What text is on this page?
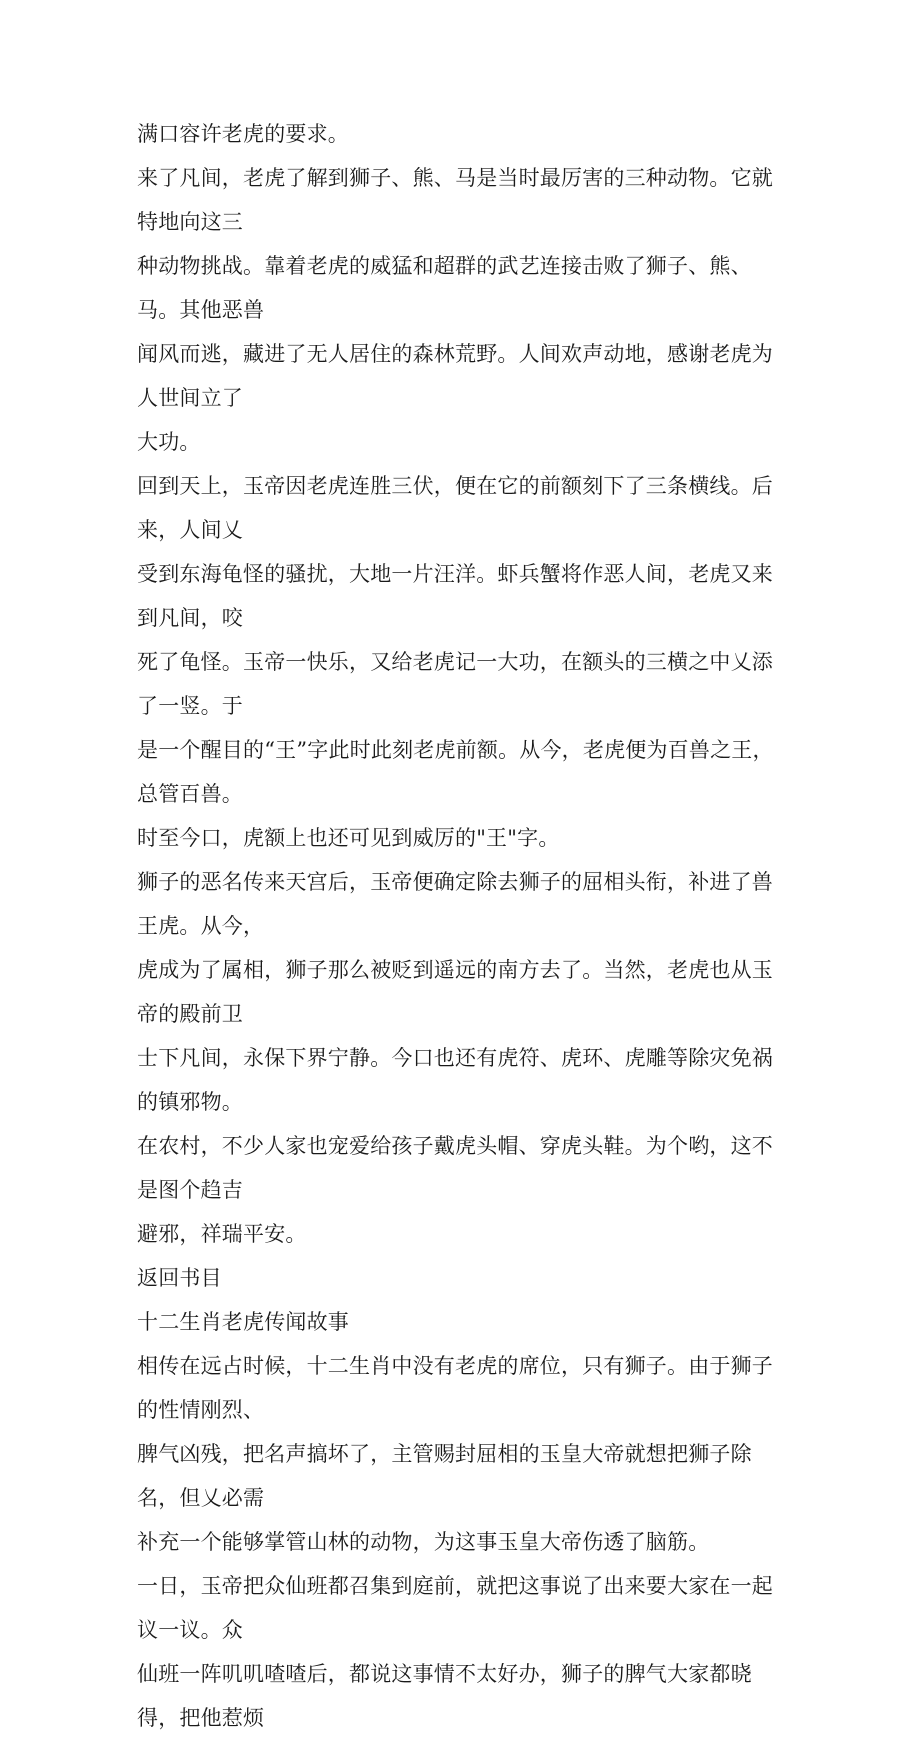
满口容许老虎的要求。

来了凡间，老虎了解到狮子、熊、马是当时最厉害的三种动物。它就特地向这三
种动物挑战。靠着老虎的威猛和超群的武艺连接击败了狮子、熊、马。其他恶兽
闻风而逃，藏进了无人居住的森林荒野。人间欢声动地，感谢老虎为人世间立了
大功。

回到天上，玉帝因老虎连胜三伏，便在它的前额刻下了三条横线。后来，人间乂
受到东海龟怪的骚扰，大地一片汪洋。虾兵蟹将作恶人间，老虎又来到凡间，咬
死了龟怪。玉帝一快乐，又给老虎记一大功，在额头的三横之中乂添了一竖。于
是一个醒目的“王”字此时此刻老虎前额。从今，老虎便为百兽之王，总管百兽。
时至今口，虎额上也还可见到威厉的"王"字。

狮子的恶名传来天宫后，玉帝便确定除去狮子的屈相头衔，补进了兽王虎。从今，
虎成为了属相，狮子那么被贬到遥远的南方去了。当然，老虎也从玉帝的殿前卫
士下凡间，永保下界宁静。今口也还有虎符、虎环、虎雕等除灾免祸的镇邪物。
在农村，不少人家也宠爱给孩子戴虎头帽、穿虎头鞋。为个哟，这不是图个趋吉
避邪，祥瑞平安。

返回书目

十二生肖老虎传闻故事

相传在远占时候，十二生肖中没有老虎的席位，只有狮子。由于狮子的性情刚烈、
脾气凶残，把名声搞坏了，主管赐封屈相的玉皇大帝就想把狮子除名，但乂必需
补充一个能够掌管山林的动物，为这事玉皇大帝伤透了脑筋。

一日，玉帝把众仙班都召集到庭前，就把这事说了出来要大家在一起议一议。众
仙班一阵叽叽喳喳后，都说这事情不太好办，狮子的脾气大家都晓得，把他惹烦
